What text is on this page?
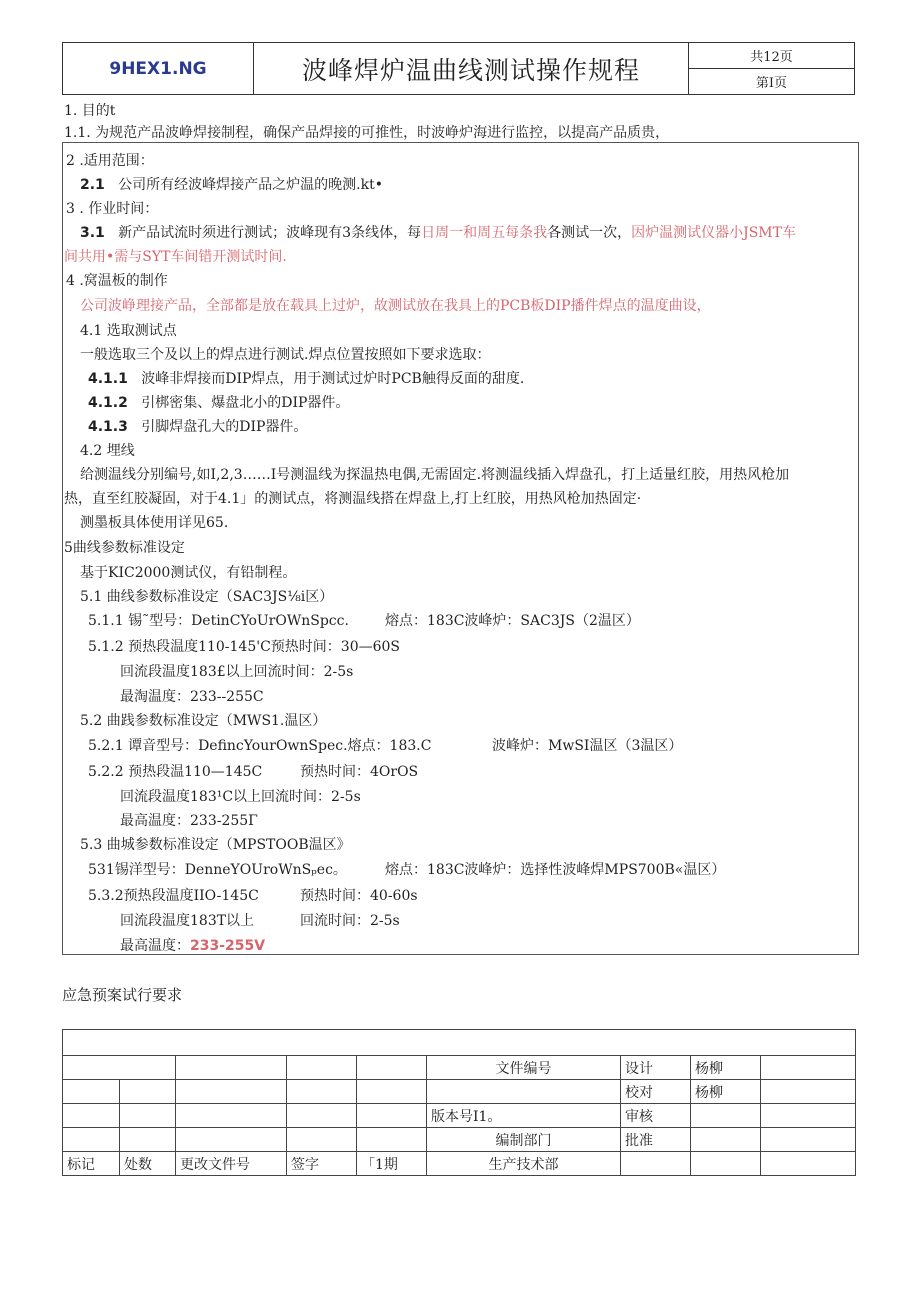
9HEX1.NG	波峰焊炉温曲线测试操作规程	共12页
第I页
1. 目的t
1.1. 为规范产品波峥焊接制程，确保产品焊接的可推性，时波峥炉海进行监控，以提高产品质贵，
2 .适用范围：
2.1 公司所有经波峰焊接产品之炉温的晚测.kt•
3 . 作业时间：
3.1 新产品试流时须进行测试；波峰现有3条线体，每日周一和周五每条我各测试一次，因炉温测试仪器小JSMT车
间共用•需与SYT车间错开测试时间.
4 .窝温板的制作
公司波峥理接产品，全部都是放在载具上过炉，故测试放在我具上的PCB板DIP播件焊点的温度曲设，
4.1 选取测试点
一般选取三个及以上的焊点进行测试.焊点位置按照如下要求选取：
4.1.1 波峰非焊接而DIP焊点，用于测试过炉时PCB触得反面的甜度.
4.1.2 引梆密集、爆盘北小的DIP器件。
4.1.3 引脚焊盘孔大的DIP器件。
4.2 埋线
给测温线分别编号,如I,2,3……I号测温线为探温热电偶,无需固定.将测温线插入焊盘孔，打上适量红胶，用热风枪加
热，直至红胶凝固，对于4.1」的测试点，将测温线搭在焊盘上,打上红胶，用热风枪加热固定·
测墨板具体使用详见65.
5曲线参数标准设定
基于KIC2000测试仪，有铅制程。
5.1 曲线参数标准设定（SAC3JS⅛i区）
5.1.1 锡˜型号：DetinCYoUrOWnSpcc.	熔点：183C波峰炉：SAC3JS（2温区）
5.1.2 预热段温度110-145'C预热时间：30—60S
回流段温度183£以上回流时间：2-5s
最淘温度：233--255C
5.2 曲践参数标准设定（MWS1.温区）
5.2.1 谭音型号：DefincYourOwnSpec.熔点：183.C	波峰炉：MwSI温区（3温区）
5.2.2 预热段温110—145C	预热时间：4OrOS
回流段温度183¹C以上回流时间：2-5s
最高温度：233-255Γ
5.3 曲城参数标准设定（MPSTOOB温区》
531锡洋型号：DenneYOUroWnSₚec。	熔点：183C波峰炉：选择性波峰焊MPS700B«温区）
5.3.2预热段温度IIO-145C	预热时间：40-60s
回流段温度183T以上	回流时间：2-5s
最高温度：233-255V
应急预案试行要求

					文件编号	设计	杨柳	
						校对	杨柳	
					版本号I1。	审核		
					编制部门	批准		
标记	处数	更改文件号	签字	「1期	生产技术部			
